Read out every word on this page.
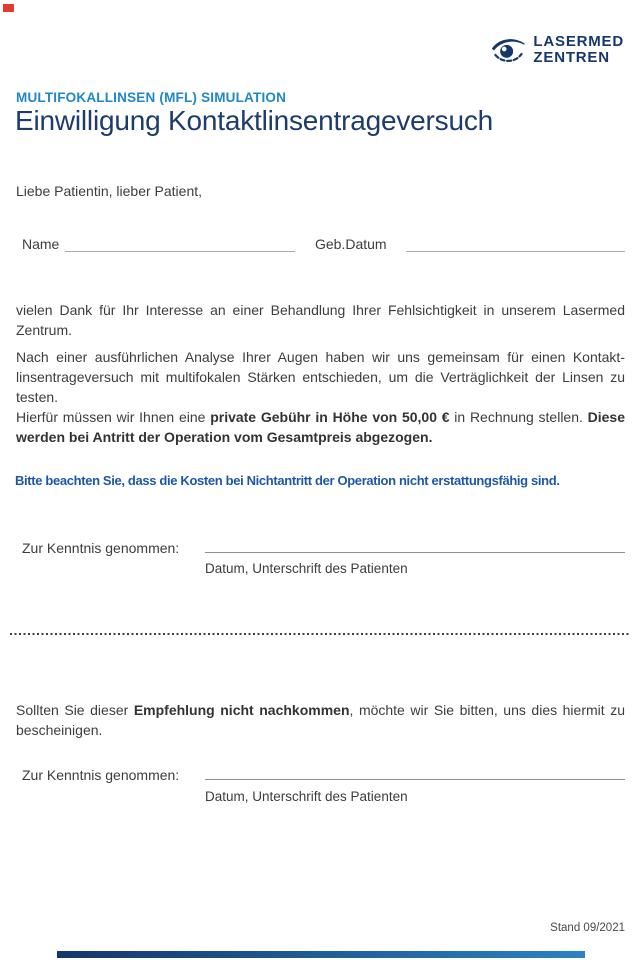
LASERMED
ZENTREN
MULTIFOKALLINSEN (MFL) SIMULATION
Einwilligung Kontaktlinsentrageversuch

Liebe Patientin, lieber Patient,

Name	Geb.Datum

vielen Dank für Ihr Interesse an einer Behandlung Ihrer Fehlsichtigkeit in unserem Lasermed Zentrum.

Nach einer ausführlichen Analyse Ihrer Augen haben wir uns gemeinsam für einen Kontaktlinsentrageversuch mit multifokalen Stärken entschieden, um die Verträglichkeit der Linsen zu testen.

Hierfür müssen wir Ihnen eine private Gebühr in Höhe von 50,00 € in Rechnung stellen. Diese werden bei Antritt der Operation vom Gesamtpreis abgezogen.

Bitte beachten Sie, dass die Kosten bei Nichtantritt der Operation nicht erstattungsfähig sind.

Zur Kenntnis genommen:
Datum, Unterschrift des Patienten

Sollten Sie dieser Empfehlung nicht nachkommen, möchte wir Sie bitten, uns dies hiermit zu bescheinigen.

Zur Kenntnis genommen:
Datum, Unterschrift des Patienten
Stand 09/2021
